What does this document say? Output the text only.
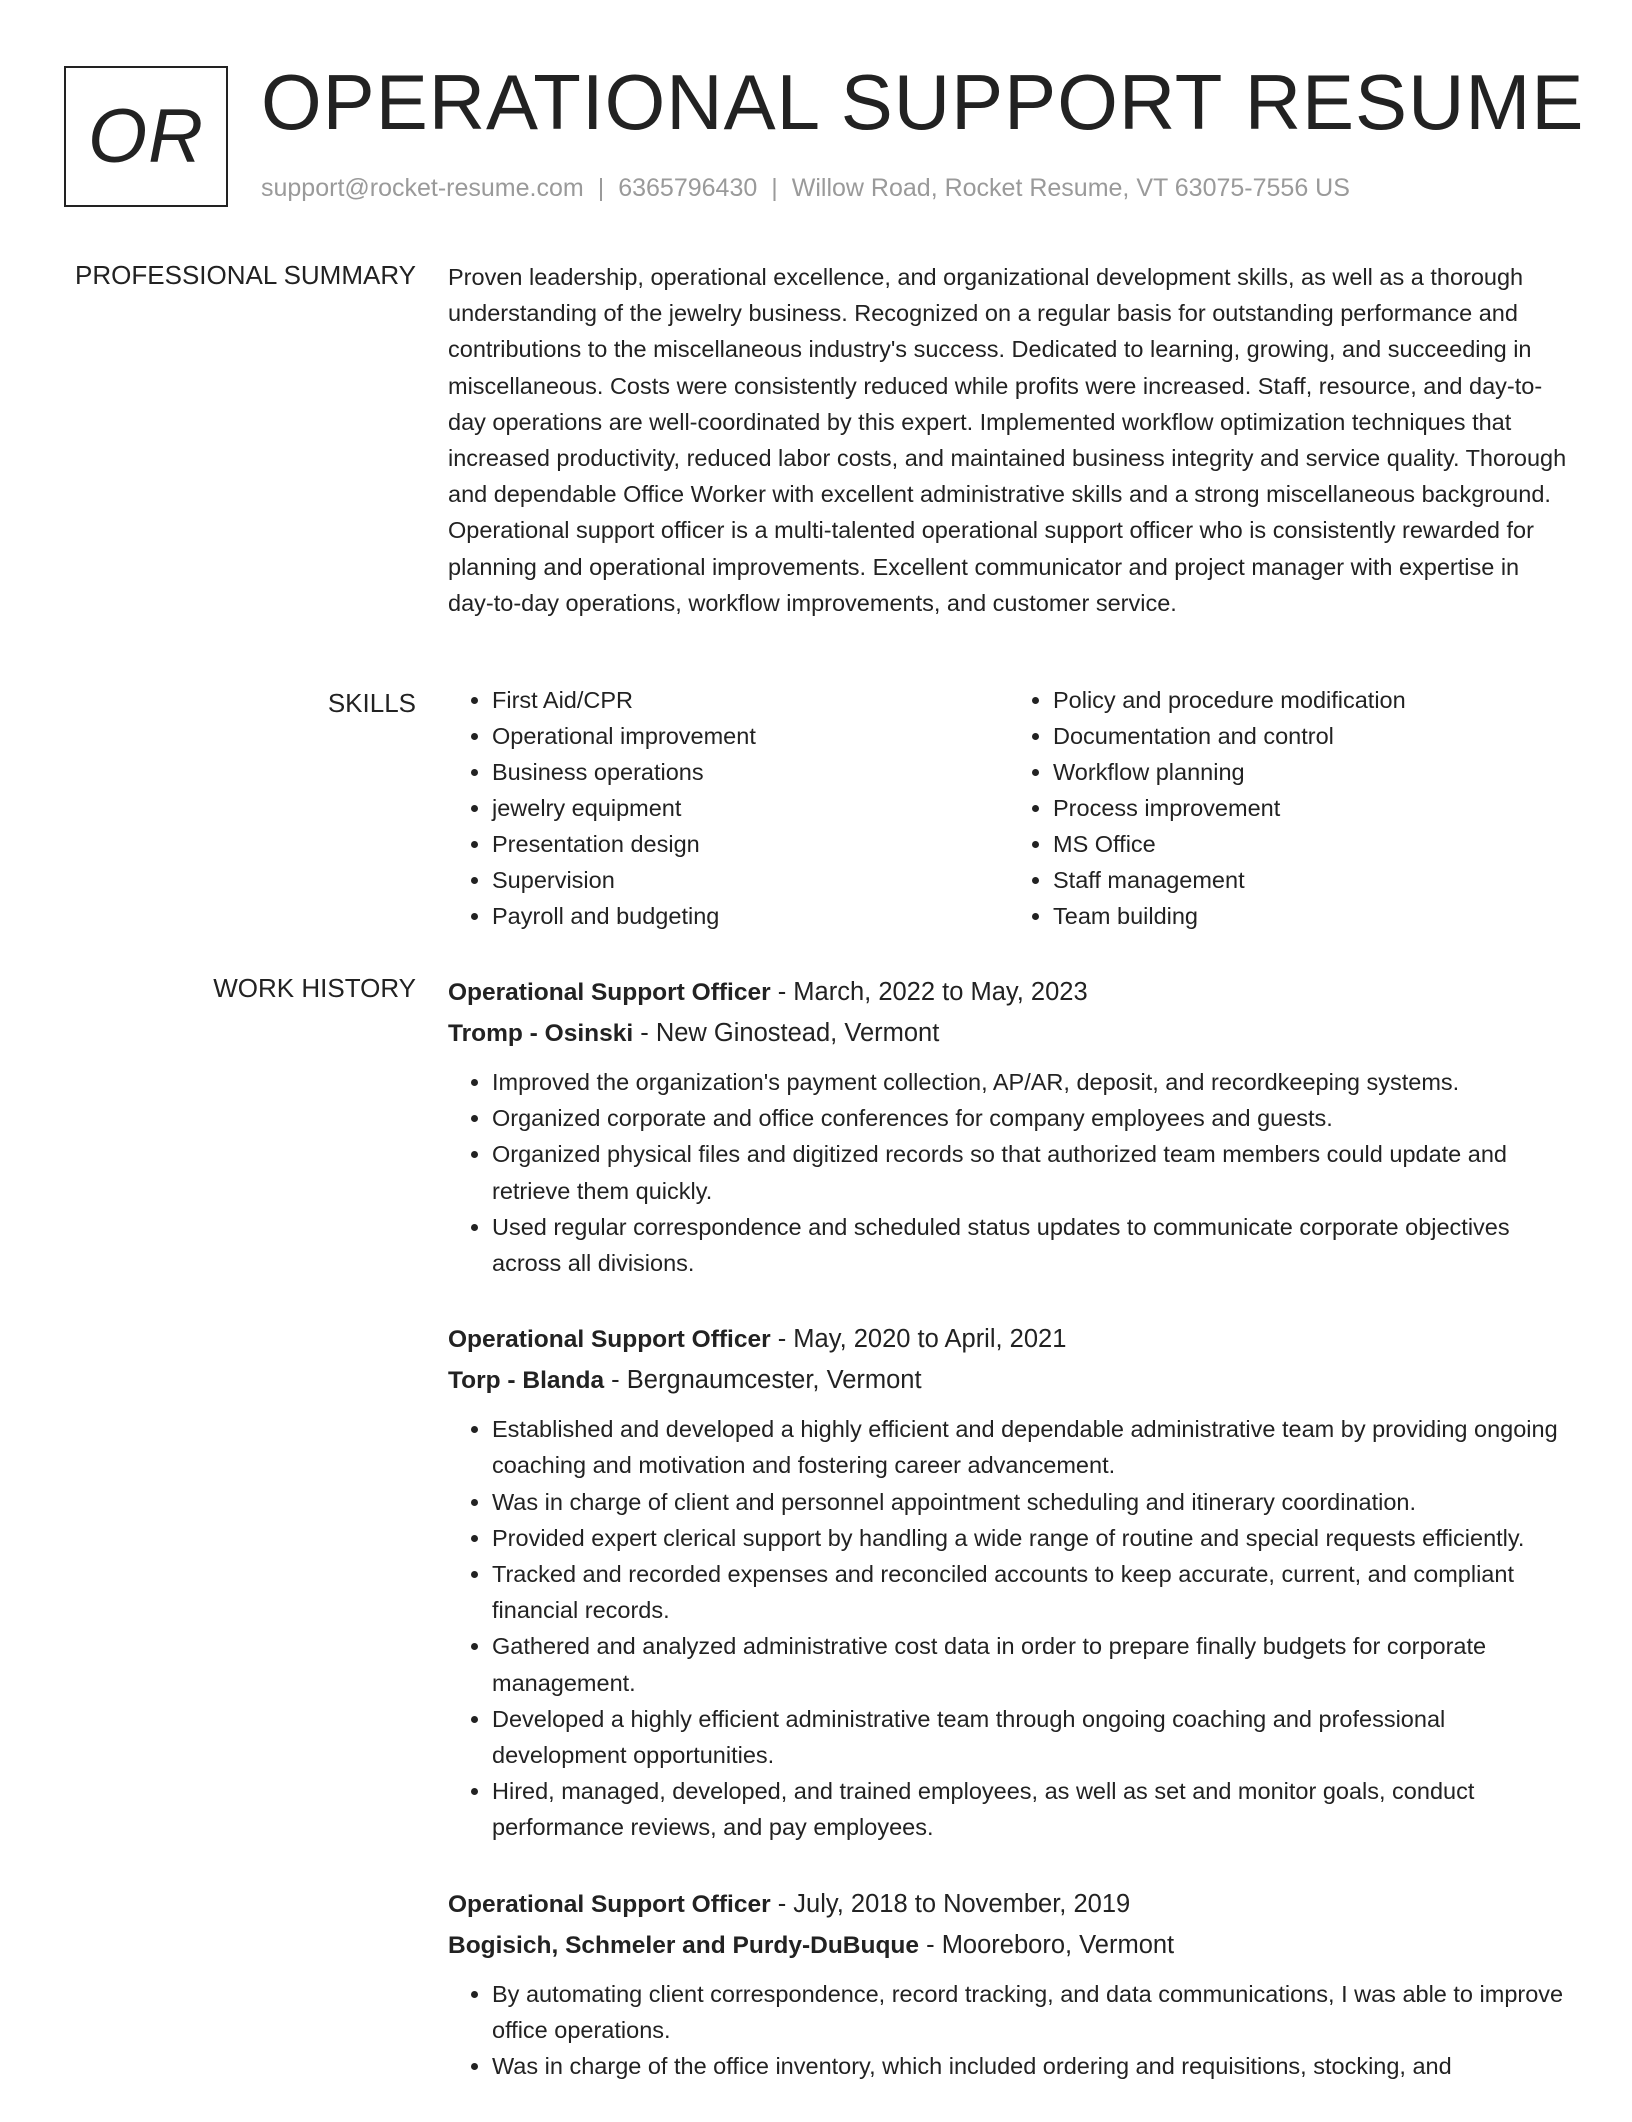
OR OPERATIONAL SUPPORT RESUME
support@rocket-resume.com | 6365796430 | Willow Road, Rocket Resume, VT 63075-7556 US
PROFESSIONAL SUMMARY Proven leadership, operational excellence, and organizational development skills, as well as a thorough understanding of the jewelry business. Recognized on a regular basis for outstanding performance and contributions to the miscellaneous industry's success. Dedicated to learning, growing, and succeeding in miscellaneous. Costs were consistently reduced while profits were increased. Staff, resource, and day-to-day operations are well-coordinated by this expert. Implemented workflow optimization techniques that increased productivity, reduced labor costs, and maintained business integrity and service quality. Thorough and dependable Office Worker with excellent administrative skills and a strong miscellaneous background. Operational support officer is a multi-talented operational support officer who is consistently rewarded for planning and operational improvements. Excellent communicator and project manager with expertise in day-to-day operations, workflow improvements, and customer service.
SKILLS
•	First Aid/CPR
• Operational improvement
• Business operations
• jewelry equipment
• Presentation design
• Supervision
• Payroll and budgeting
• Policy and procedure modification
• Documentation and control
• Workflow planning
• Process improvement
• MS Office
• Staff management
• Team building
WORK HISTORY Operational Support Officer - March, 2022 to May, 2023
Tromp - Osinski - New Ginostead, Vermont
• Improved the organization's payment collection, AP/AR, deposit, and recordkeeping systems.
• Organized corporate and office conferences for company employees and guests.
• Organized physical files and digitized records so that authorized team members could update and retrieve them quickly.
• Used regular correspondence and scheduled status updates to communicate corporate objectives across all divisions.
Operational Support Officer - May, 2020 to April, 2021
Torp - Blanda - Bergnaumcester, Vermont
• Established and developed a highly efficient and dependable administrative team by providing ongoing coaching and motivation and fostering career advancement.
• Was in charge of client and personnel appointment scheduling and itinerary coordination.
• Provided expert clerical support by handling a wide range of routine and special requests efficiently.
• Tracked and recorded expenses and reconciled accounts to keep accurate, current, and compliant financial records.
• Gathered and analyzed administrative cost data in order to prepare finally budgets for corporate management.
• Developed a highly efficient administrative team through ongoing coaching and professional development opportunities.
• Hired, managed, developed, and trained employees, as well as set and monitor goals, conduct performance reviews, and pay employees.
Operational Support Officer - July, 2018 to November, 2019
Bogisich, Schmeler and Purdy-DuBuque - Mooreboro, Vermont
• By automating client correspondence, record tracking, and data communications, I was able to improve office operations.
• Was in charge of the office inventory, which included ordering and requisitions, stocking, and
